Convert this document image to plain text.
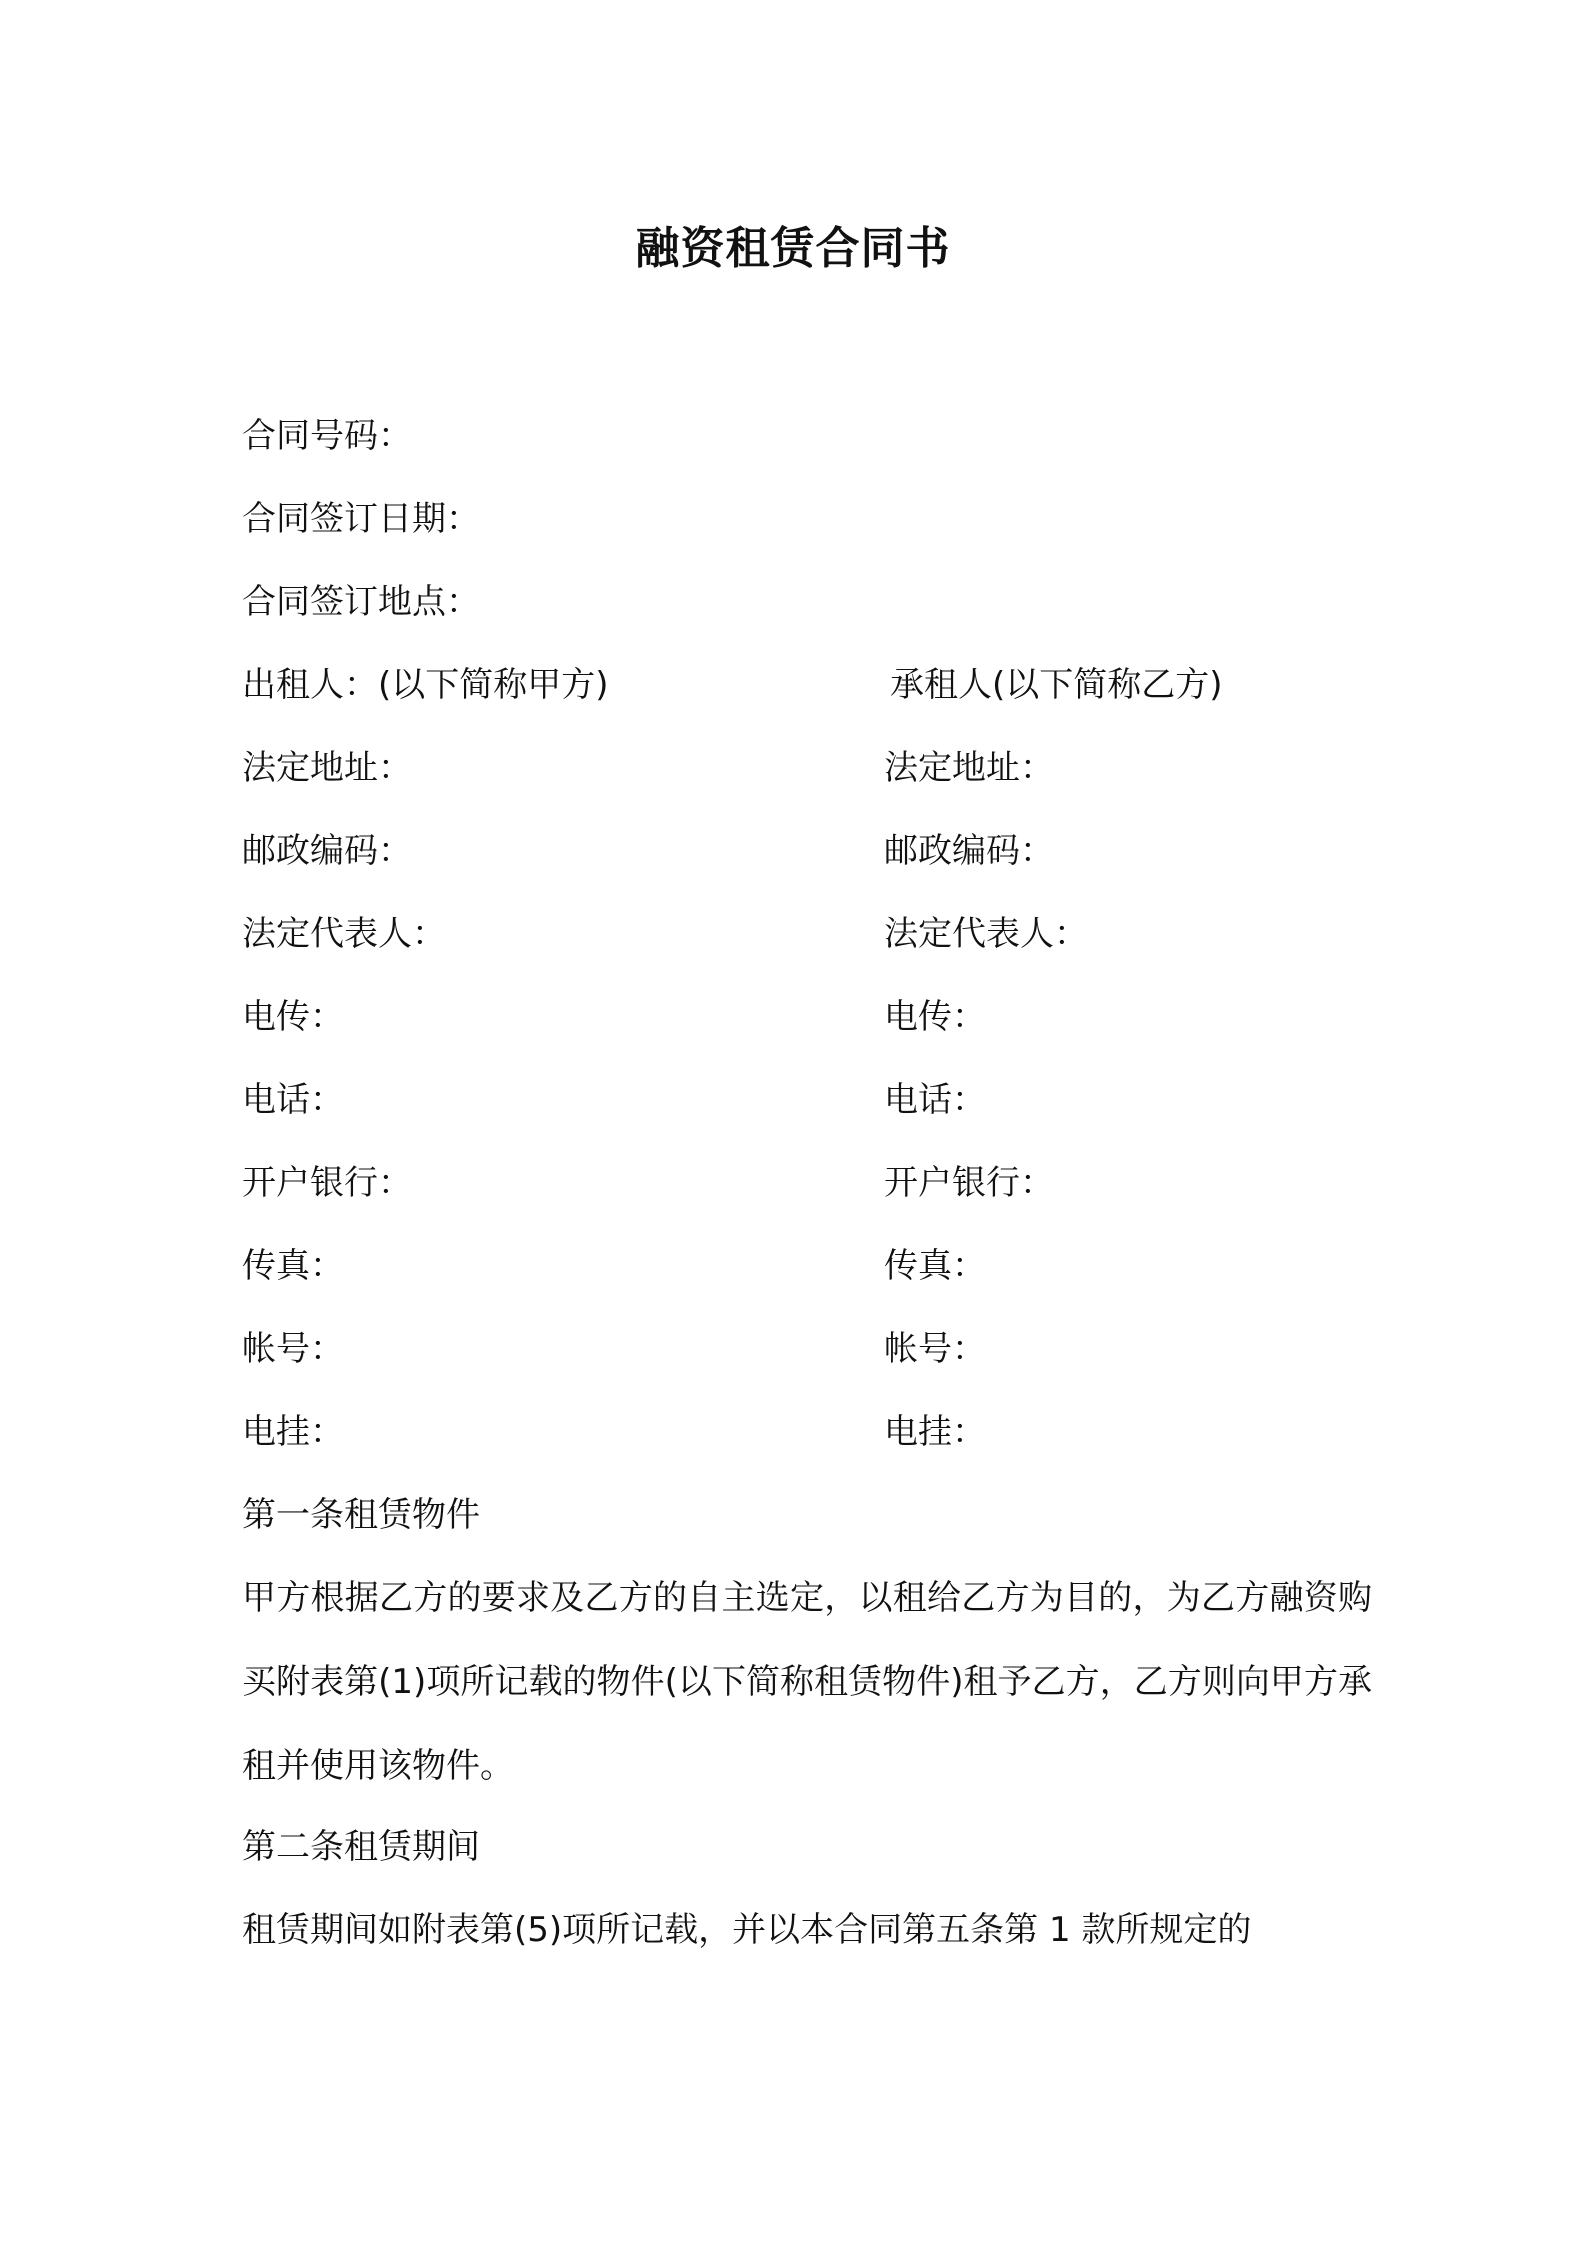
融资租赁合同书
合同号码：
合同签订日期：
合同签订地点：
出租人：(以下简称甲方)	承租人(以下简称乙方)
法定地址：	法定地址：
邮政编码：	邮政编码：
法定代表人：	法定代表人：
电传：	电传：
电话：	电话：
开户银行：	开户银行：
传真：	传真：
帐号：	帐号：
电挂：	电挂：
第一条租赁物件
甲方根据乙方的要求及乙方的自主选定，以租给乙方为目的，为乙方融资购买附表第(1)项所记载的物件(以下简称租赁物件)租予乙方，乙方则向甲方承租并使用该物件。
第二条租赁期间
租赁期间如附表第(5)项所记载，并以本合同第五条第 1 款所规定的
